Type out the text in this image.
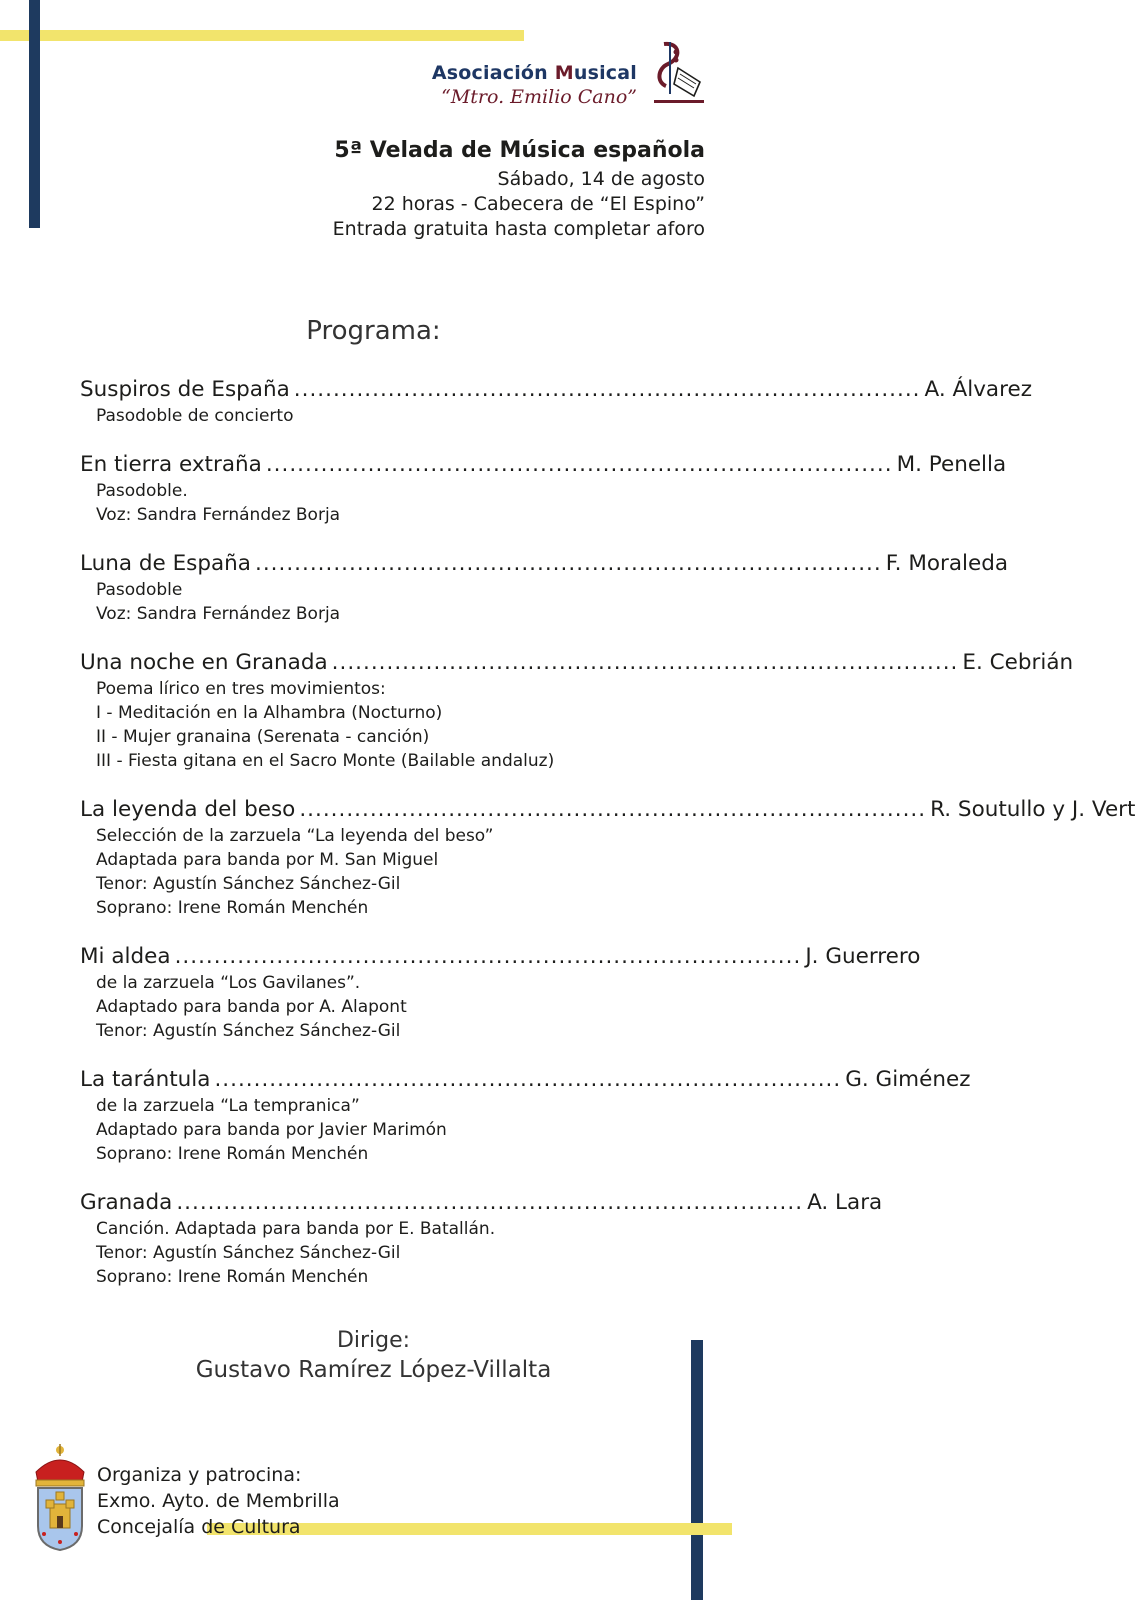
Asociación Musical
“Mtro. Emilio Cano”
5ª Velada de Música española
Sábado, 14 de agosto
22 horas - Cabecera de “El Espino”
Entrada gratuita hasta completar aforo
Programa:
Suspiros de España ................................................................................ A. Álvarez
Pasodoble de concierto
En tierra extraña ................................................................................ M. Penella
Pasodoble.
Voz: Sandra Fernández Borja
Luna de España ................................................................................ F. Moraleda
Pasodoble
Voz: Sandra Fernández Borja
Una noche en Granada ................................................................................ E. Cebrián
Poema lírico en tres movimientos:
I - Meditación en la Alhambra (Nocturno)
II - Mujer granaina (Serenata - canción)
III - Fiesta gitana en el Sacro Monte (Bailable andaluz)
La leyenda del beso ................................................................................ R. Soutullo y J. Vert
Selección de la zarzuela “La leyenda del beso”
Adaptada para banda por M. San Miguel
Tenor: Agustín Sánchez Sánchez-Gil
Soprano: Irene Román Menchén
Mi aldea ................................................................................ J. Guerrero
de la zarzuela “Los Gavilanes”.
Adaptado para banda por A. Alapont
Tenor: Agustín Sánchez Sánchez-Gil
La tarántula ................................................................................ G. Giménez
de la zarzuela “La tempranica”
Adaptado para banda por Javier Marimón
Soprano: Irene Román Menchén
Granada ................................................................................ A. Lara
Canción. Adaptada para banda por E. Batallán.
Tenor: Agustín Sánchez Sánchez-Gil
Soprano: Irene Román Menchén
Dirige:
Gustavo Ramírez López-Villalta
Organiza y patrocina:
Exmo. Ayto. de Membrilla
Concejalía de Cultura
